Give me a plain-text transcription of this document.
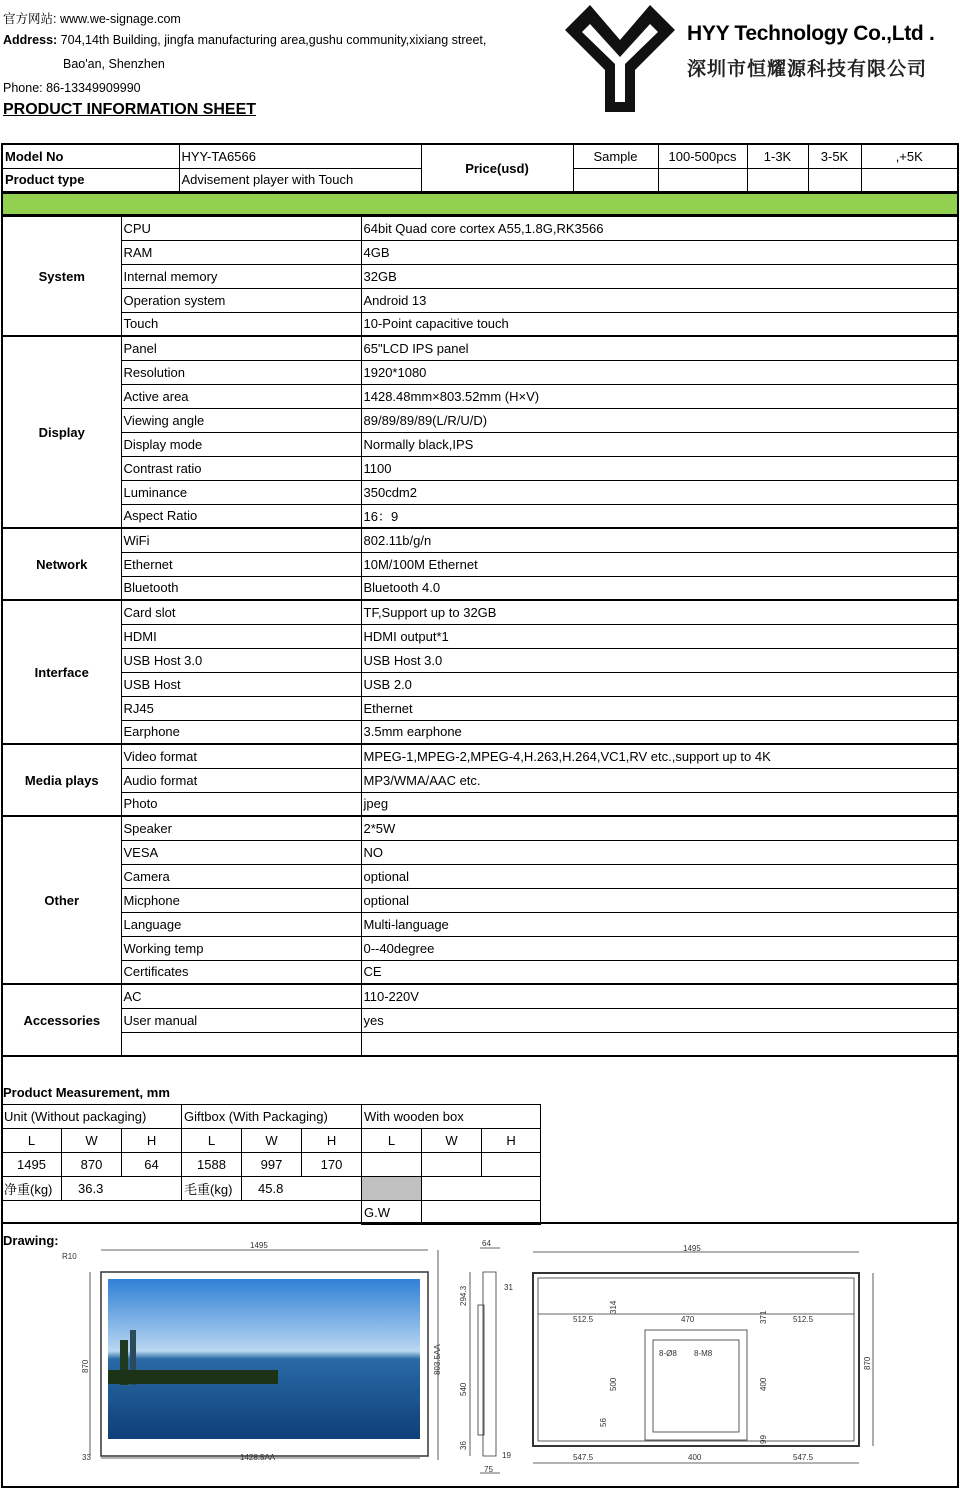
官方网站: www.we-signage.com
Address: 704,14th Building, jingfa manufacturing area,gushu community,xixiang street,
Bao'an, Shenzhen
Phone: 86-13349909990
PRODUCT INFORMATION SHEET
HYY Technology Co.,Ltd .
深圳市恒耀源科技有限公司
Model No	HYY-TA6566	Price(usd)	Sample	100-500pcs	1-3K	3-5K	,+5K
Product type	Advisement player with Touch						
System	CPU	64bit Quad core cortex A55,1.8G,RK3566
	RAM	4GB
	Internal memory	32GB
	Operation system	Android 13
	Touch	10-Point capacitive touch
Display	Panel	65"LCD IPS panel
	Resolution	1920*1080
	Active area	1428.48mm×803.52mm (H×V)
	Viewing angle	89/89/89/89(L/R/U/D)
	Display mode	Normally black,IPS
	Contrast ratio	1100
	Luminance	350cdm2
	Aspect Ratio	16：9
Network	WiFi	802.11b/g/n
	Ethernet	10M/100M Ethernet
	Bluetooth	Bluetooth 4.0
Interface	Card slot	TF,Support up to 32GB
	HDMI	HDMI output*1
	USB Host 3.0	USB Host 3.0
	USB Host	USB 2.0
	RJ45	Ethernet
	Earphone	3.5mm earphone
Media plays	Video format	MPEG-1,MPEG-2,MPEG-4,H.263,H.264,VC1,RV etc.,support up to 4K
	Audio format	MP3/WMA/AAC etc.
	Photo	jpeg
Other	Speaker	2*5W
	VESA	NO
	Camera	optional
	Micphone	optional
	Language	Multi-language
	Working temp	0--40degree
	Certificates	CE
Accessories	AC	110-220V
	User manual	yes

Product Measurement, mm
Unit (Without packaging)			Giftbox (With Packaging)			With wooden box		
L	W	H	L	W	H	L	W	H
1495	870	64	1588	997	170			
净重(kg)	36.3		毛重(kg)	45.8				
						G.W		
Drawing:	1495
R10
870	803.5AA
1428.5AA
33
64
31
294.3
540
36
19
75
1495
870
512.5	470	512.5
314
371
500	400
56
99
8-Ø8 8-M8
547.5	400	547.5
